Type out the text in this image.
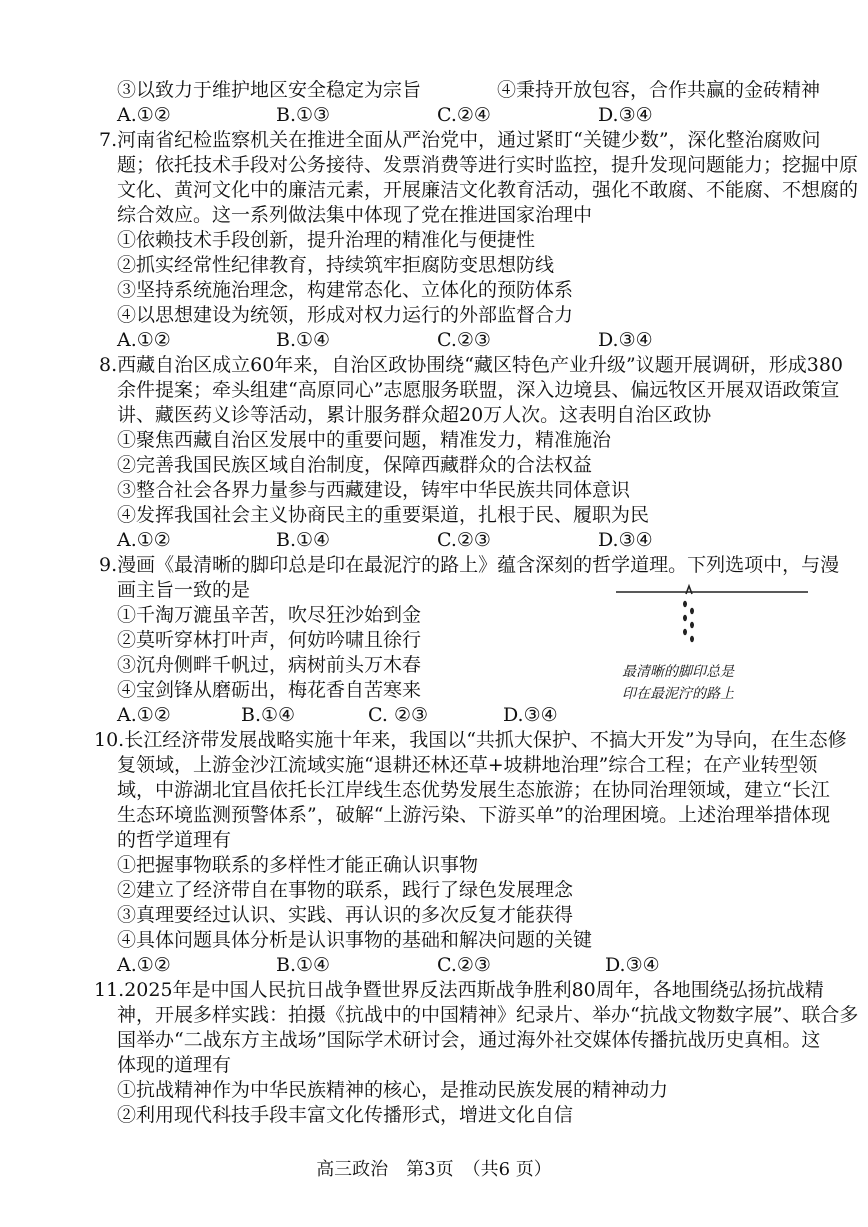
最清晰的脚印总是
印在最泥泞的路上
高三政治　第3页　（共6 页）
③以致力于维护地区安全稳定为宗旨　　　　④秉持开放包容，合作共赢的金砖精神
A.①②	B.①③	C.②④	D.③④
7.河南省纪检监察机关在推进全面从严治党中，通过紧盯“关键少数”，深化整治腐败问
题；依托技术手段对公务接待、发票消费等进行实时监控，提升发现问题能力；挖掘中原
文化、黄河文化中的廉洁元素，开展廉洁文化教育活动，强化不敢腐、不能腐、不想腐的
综合效应。这一系列做法集中体现了党在推进国家治理中
①依赖技术手段创新，提升治理的精准化与便捷性
②抓实经常性纪律教育，持续筑牢拒腐防变思想防线
③坚持系统施治理念，构建常态化、立体化的预防体系
④以思想建设为统领，形成对权力运行的外部监督合力
A.①②	B.①④	C.②③	D.③④
8.西藏自治区成立60年来，自治区政协围绕“藏区特色产业升级”议题开展调研，形成380
余件提案；牵头组建“高原同心”志愿服务联盟，深入边境县、偏远牧区开展双语政策宣
讲、藏医药义诊等活动，累计服务群众超20万人次。这表明自治区政协
①聚焦西藏自治区发展中的重要问题，精准发力，精准施治
②完善我国民族区域自治制度，保障西藏群众的合法权益
③整合社会各界力量参与西藏建设，铸牢中华民族共同体意识
④发挥我国社会主义协商民主的重要渠道，扎根于民、履职为民
A.①②	B.①④	C.②③	D.③④
9.漫画《最清晰的脚印总是印在最泥泞的路上》蕴含深刻的哲学道理。下列选项中，与漫
画主旨一致的是
①千淘万漉虽辛苦，吹尽狂沙始到金
②莫听穿林打叶声，何妨吟啸且徐行
③沉舟侧畔千帆过，病树前头万木春
④宝剑锋从磨砺出，梅花香自苦寒来
A.①②	B.①④	C. ②③	D.③④
10.长江经济带发展战略实施十年来，我国以“共抓大保护、不搞大开发”为导向，在生态修
复领域，上游金沙江流域实施“退耕还林还草+坡耕地治理”综合工程；在产业转型领
域，中游湖北宜昌依托长江岸线生态优势发展生态旅游；在协同治理领域，建立“长江
生态环境监测预警体系”，破解“上游污染、下游买单”的治理困境。上述治理举措体现
的哲学道理有
①把握事物联系的多样性才能正确认识事物
②建立了经济带自在事物的联系，践行了绿色发展理念
③真理要经过认识、实践、再认识的多次反复才能获得
④具体问题具体分析是认识事物的基础和解决问题的关键
A.①②	B.①④	C.②③	D.③④
11.2025年是中国人民抗日战争暨世界反法西斯战争胜利80周年，各地围绕弘扬抗战精
神，开展多样实践：拍摄《抗战中的中国精神》纪录片、举办“抗战文物数字展”、联合多
国举办“二战东方主战场”国际学术研讨会，通过海外社交媒体传播抗战历史真相。这
体现的道理有
①抗战精神作为中华民族精神的核心，是推动民族发展的精神动力
②利用现代科技手段丰富文化传播形式，增进文化自信
